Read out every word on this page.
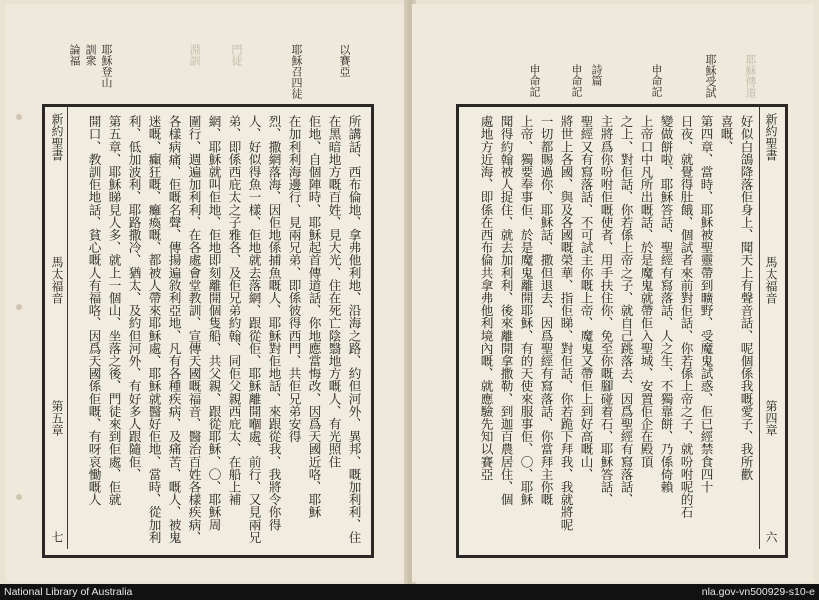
論福 訓衆 耶穌登山	淵訓	門徒	耶穌召四徒	以賽亞
新約聖書
馬太福音
第五章
七	所講話、西布倫地、拿弗他利地、沿海之路、約但河外、異邦、嘅加利利、住
在黑暗地方嘅百姓、見大光、住在死亡陰翳地方嘅人、有光照住
佢地、自個陣時、耶穌起首傳道話、你地應當悔改、因爲天國近咯、耶穌
在加利利海邊行、見兩兄弟、即係彼得西門、共佢兄弟安得
烈、撒網落海、因佢地係捕魚嘅人、耶穌對佢地話、來跟從我、我將令你得
人、好似得魚一樣、佢地就去落網、跟從佢、耶穌離開嗰處、前行、又見兩兄
弟、即係西庇太之子雅各、及佢兄弟約翰、同佢父親西庇太、在船上補
網、耶穌就叫佢地、佢地即刻離開個隻船、共父親、跟從耶穌、〇、耶穌周
圍行、週遍加利利、在各處會堂教訓、宣傳天國嘅福音、醫治百姓各樣疾病、
各樣病痛、佢嘅名聲、傳揚遍敘利亞地、凡有各種疾病、及痛苦、嘅人、被鬼
迷嘅、癲狂嘅、癱瘓嘅、都被人帶來耶穌處、耶穌就醫好佢地、當時、從加利
利、低加波利、耶路撒冷、猶太、及約但河外、有好多人跟隨佢、
第五章、耶穌睇見人多、就上一個山、坐落之後、門徒來到佢處、佢就
開口、教訓佢地話、貧心嘅人有福咯、因爲天國係佢嘅、有呀哀慟嘅人
申命記	申命記 詩篇	申命記	耶穌受試 耶穌傳道
新約聖書
馬太福音
第四章
六
好似白鴿降落佢身上、聞天上有聲音話、呢個係我嘅愛子、我所歡
喜嘅、
第四章、當時、耶穌被聖靈帶到曠野、受魔鬼試惑、佢已經禁食四十
日夜、就覺得肚餓、個試者來前對佢話、你若係上帝之子、就吩咐呢的石
變做餅啦、耶穌答話、聖經有寫落話、人之生、不獨靠餅、乃係倚賴
上帝口中凡所出嘅話、於是魔鬼就帶佢入聖城、安置佢企在殿頂
之上、對佢話、你若係上帝之子、就自己跳落去、因爲聖經有寫落話、
主將爲你吩咐佢嘅使者、用手扶住你、免至你嘅腳碰着石、耶穌答話、
聖經又有寫落話、不可試主你嘅上帝、魔鬼又帶佢上到好高嘅山、
將世上各國、與及各國嘅榮華、指佢睇、對佢話、你若跪下拜我、我就將呢
一切都賜過你、耶穌話、撒但退去、因爲聖經有寫落話、你當拜主你嘅
上帝、獨要奉事佢、於是魔鬼離開耶穌、有的天使來服事佢、〇、耶穌
聞得約翰被人捉住、就去加利利、後來離開拿撒勒、到迦百農居住、個
處地方近海、即係在西布倫共拿弗他利境內嘅、就應驗先知以賽亞
National Library of Australia	nla.gov-vn500929-s10-e
